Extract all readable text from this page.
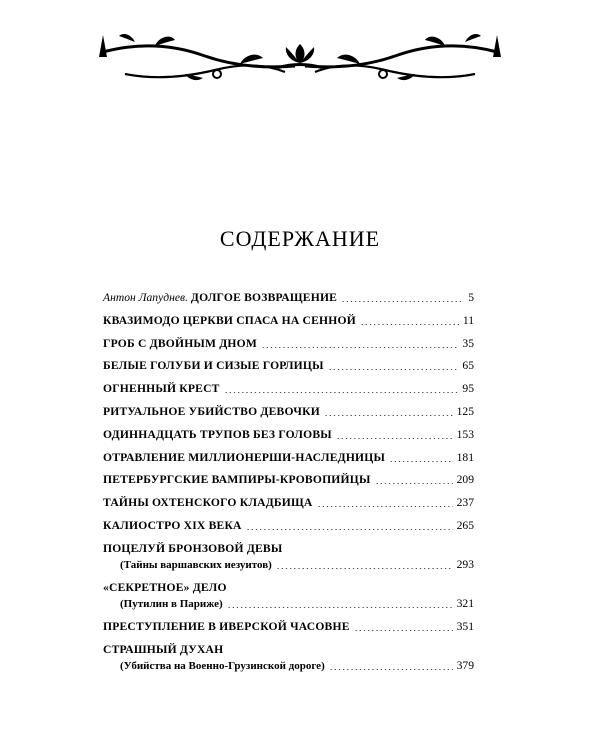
СОДЕРЖАНИЕ
Антон Лапуднев. ДОЛГОЕ ВОЗВРАЩЕНИЕ	5
КВАЗИМОДО ЦЕРКВИ СПАСА НА СЕННОЙ	11
ГРОБ С ДВОЙНЫМ ДНОМ	35
БЕЛЫЕ ГОЛУБИ И СИЗЫЕ ГОРЛИЦЫ	65
ОГНЕННЫЙ КРЕСТ	95
РИТУАЛЬНОЕ УБИЙСТВО ДЕВОЧКИ	125
ОДИННАДЦАТЬ ТРУПОВ БЕЗ ГОЛОВЫ	153
ОТРАВЛЕНИЕ МИЛЛИОНЕРШИ-НАСЛЕДНИЦЫ	181
ПЕТЕРБУРГСКИЕ ВАМПИРЫ-КРОВОПИЙЦЫ	209
ТАЙНЫ ОХТЕНСКОГО КЛАДБИЩА	237
КАЛИОСТРО XIX ВЕКА	265
ПОЦЕЛУЙ БРОНЗОВОЙ ДЕВЫ
(Тайны варшавских иезуитов)	293
«СЕКРЕТНОЕ» ДЕЛО
(Путилин в Париже)	321
ПРЕСТУПЛЕНИЕ В ИВЕРСКОЙ ЧАСОВНЕ	351
СТРАШНЫЙ ДУХАН
(Убийства на Военно-Грузинской дороге)	379
